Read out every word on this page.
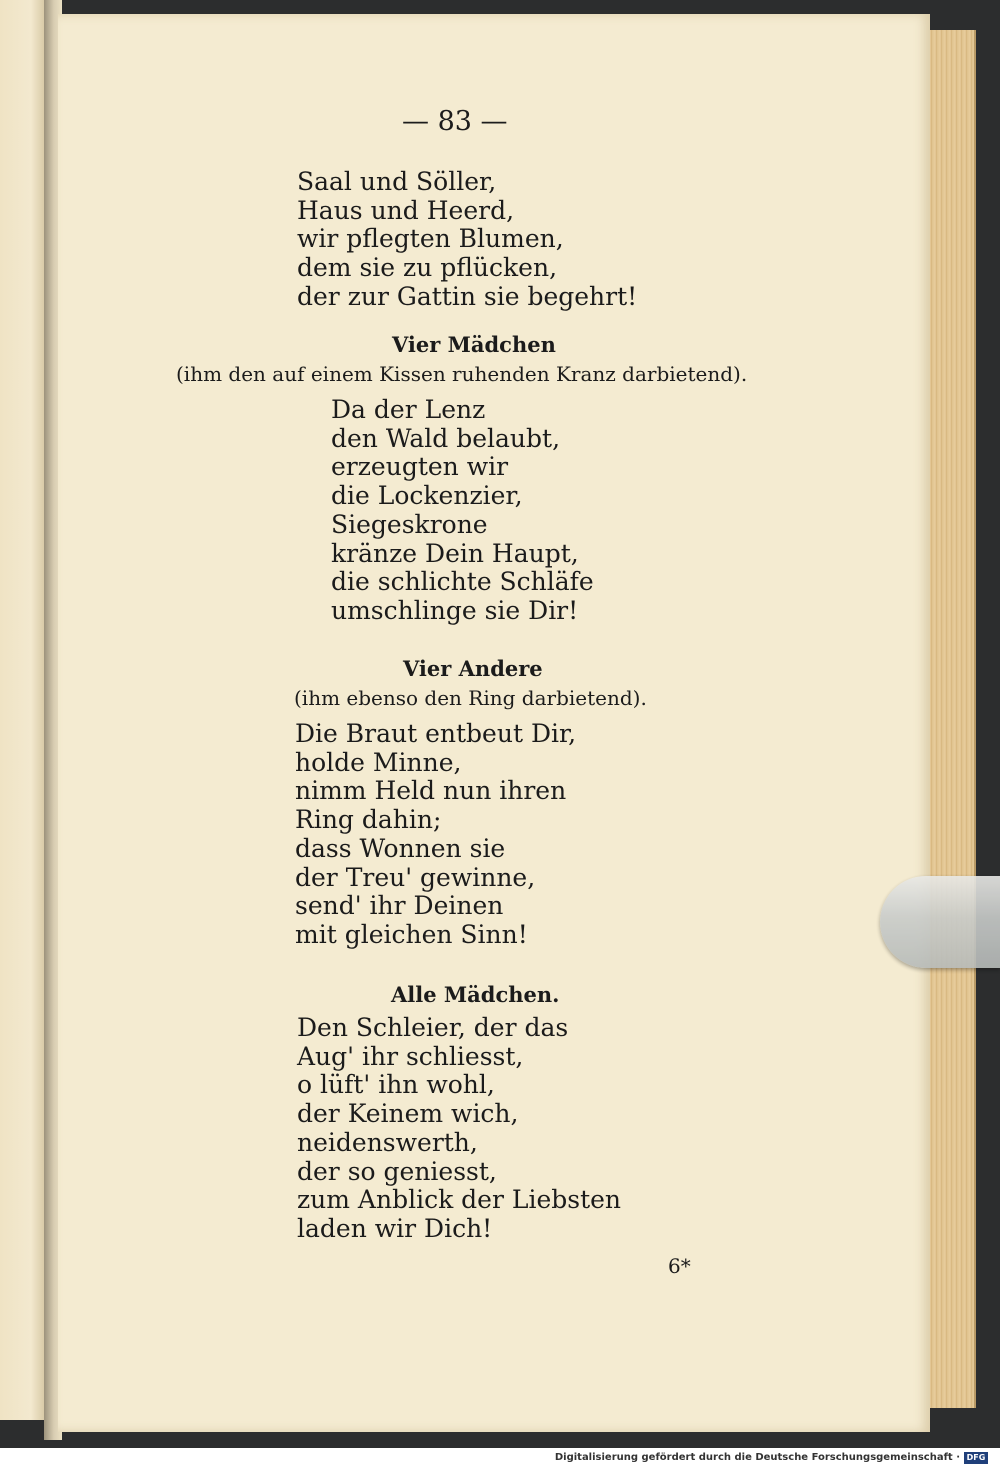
— 83 —
Saal und Söller,
Haus und Heerd,
wir pflegten Blumen,
dem sie zu pflücken,
der zur Gattin sie begehrt!
Vier Mädchen
(ihm den auf einem Kissen ruhenden Kranz darbietend).
Da der Lenz
den Wald belaubt,
erzeugten wir
die Lockenzier,
Siegeskrone
kränze Dein Haupt,
die schlichte Schläfe
umschlinge sie Dir!
Vier Andere
(ihm ebenso den Ring darbietend).
Die Braut entbeut Dir,
holde Minne,
nimm Held nun ihren
Ring dahin;
dass Wonnen sie
der Treu' gewinne,
send' ihr Deinen
mit gleichen Sinn!
Alle Mädchen.
Den Schleier, der das
Aug' ihr schliesst,
o lüft' ihn wohl,
der Keinem wich,
neidenswerth,
der so geniesst,
zum Anblick der Liebsten
laden wir Dich!
6*
Digitalisierung gefördert durch die Deutsche Forschungsgemeinschaft · DFG
